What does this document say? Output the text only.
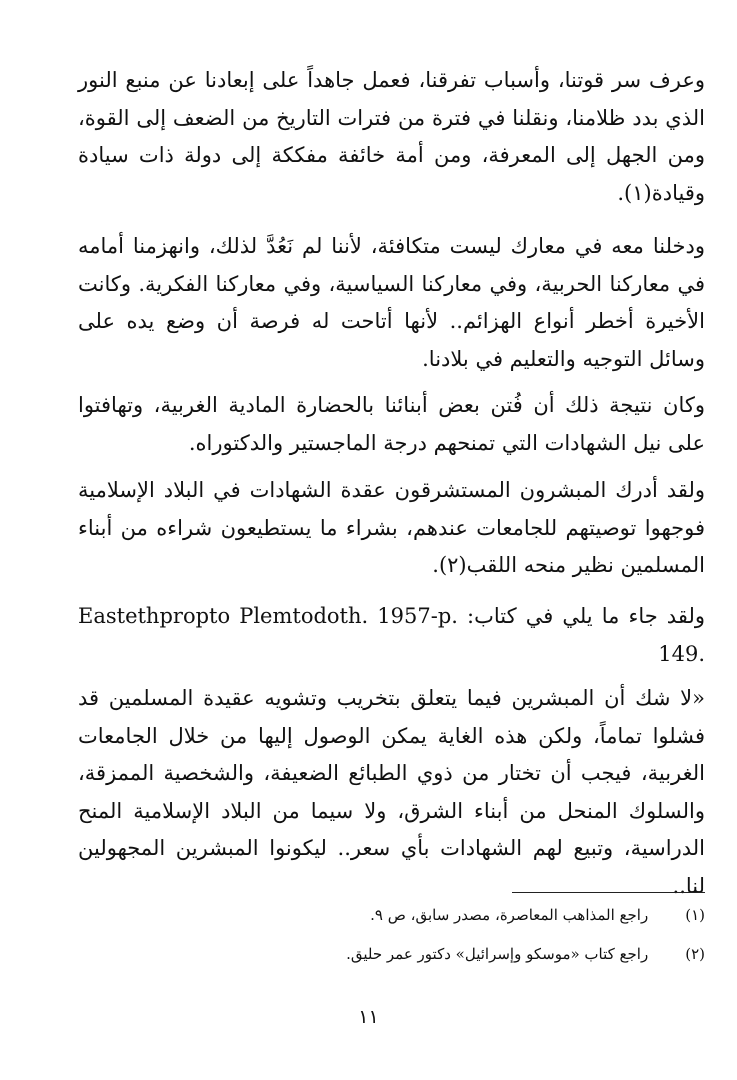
وعرف سر قوتنا، وأسباب تفرقنا، فعمل جاهداً على إبعادنا عن منبع النور الذي بدد ظلامنا، ونقلنا في فترة من فترات التاريخ من الضعف إلى القوة، ومن الجهل إلى المعرفة، ومن أمة خائفة مفككة إلى دولة ذات سيادة وقيادة(١).

ودخلنا معه في معارك ليست متكافئة، لأننا لم نَعُدَّ لذلك، وانهزمنا أمامه في معاركنا الحربية، وفي معاركنا السياسية، وفي معاركنا الفكرية. وكانت الأخيرة أخطر أنواع الهزائم.. لأنها أتاحت له فرصة أن وضع يده على وسائل التوجيه والتعليم في بلادنا.

وكان نتيجة ذلك أن فُتن بعض أبنائنا بالحضارة المادية الغربية، وتهافتوا على نيل الشهادات التي تمنحهم درجة الماجستير والدكتوراه.

ولقد أدرك المبشرون المستشرقون عقدة الشهادات في البلاد الإسلامية فوجهوا توصيتهم للجامعات عندهم، بشراء ما يستطيعون شراءه من أبناء المسلمين نظير منحه اللقب(٢).

ولقد جاء ما يلي في كتاب: Eastethpropto Plemtodoth. 1957-p. 149.

«لا شك أن المبشرين فيما يتعلق بتخريب وتشويه عقيدة المسلمين قد فشلوا تماماً، ولكن هذه الغاية يمكن الوصول إليها من خلال الجامعات الغربية، فيجب أن تختار من ذوي الطبائع الضعيفة، والشخصية الممزقة، والسلوك المنحل من أبناء الشرق، ولا سيما من البلاد الإسلامية المنح الدراسية، وتبيع لهم الشهادات بأي سعر.. ليكونوا المبشرين المجهولين لنا..

(١) راجع المذاهب المعاصرة، مصدر سابق، ص ٩.

(٢) راجع كتاب «موسكو وإسرائيل» دكتور عمر حليق.

١١
